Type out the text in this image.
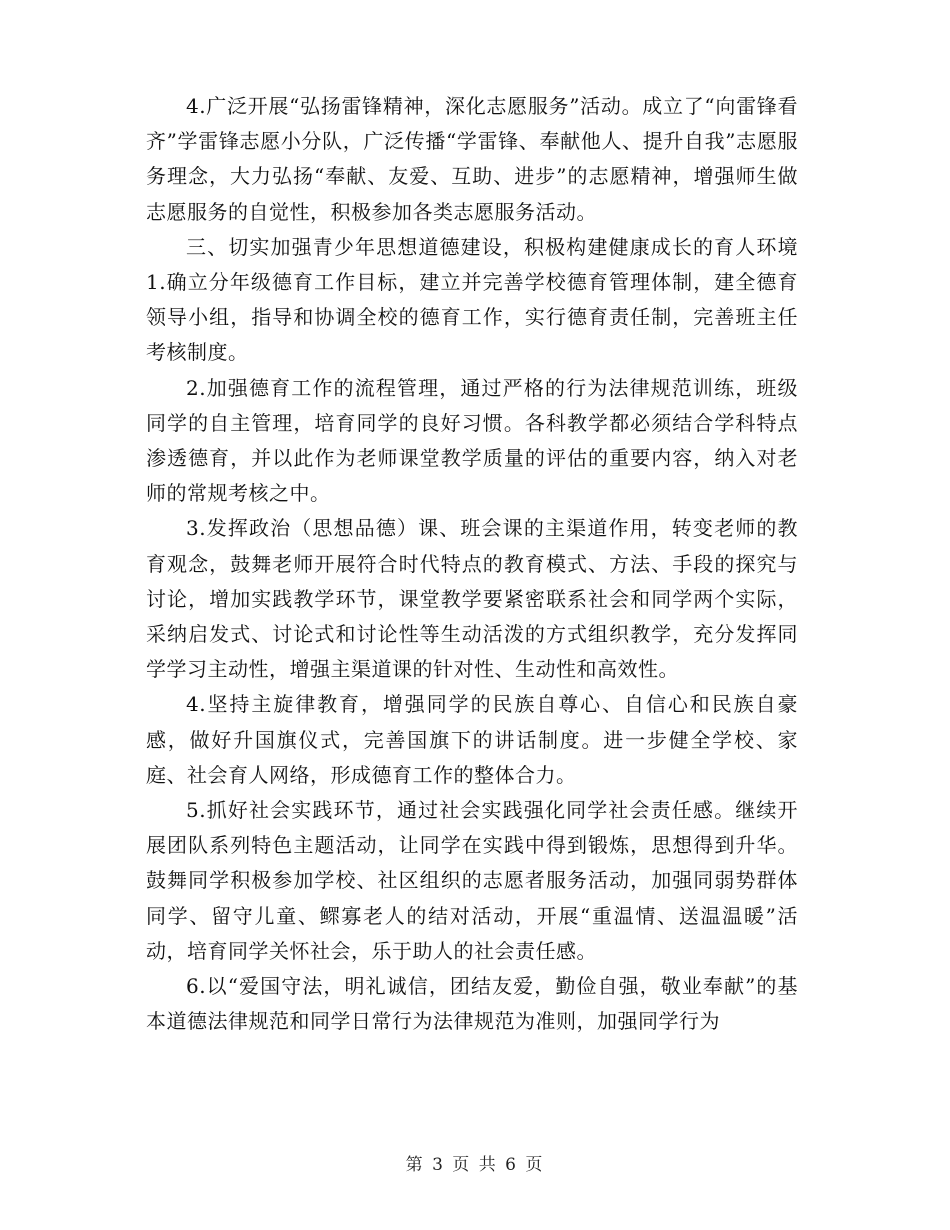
4.广泛开展“弘扬雷锋精神，深化志愿服务”活动。成立了“向雷锋看齐”学雷锋志愿小分队，广泛传播“学雷锋、奉献他人、提升自我”志愿服务理念，大力弘扬“奉献、友爱、互助、进步”的志愿精神，增强师生做志愿服务的自觉性，积极参加各类志愿服务活动。

三、切实加强青少年思想道德建设，积极构建健康成长的育人环境1.确立分年级德育工作目标，建立并完善学校德育管理体制，建全德育领导小组，指导和协调全校的德育工作，实行德育责任制，完善班主任考核制度。

2.加强德育工作的流程管理，通过严格的行为法律规范训练，班级同学的自主管理，培育同学的良好习惯。各科教学都必须结合学科特点渗透德育，并以此作为老师课堂教学质量的评估的重要内容，纳入对老师的常规考核之中。

3.发挥政治（思想品德）课、班会课的主渠道作用，转变老师的教育观念，鼓舞老师开展符合时代特点的教育模式、方法、手段的探究与讨论，增加实践教学环节，课堂教学要紧密联系社会和同学两个实际，采纳启发式、讨论式和讨论性等生动活泼的方式组织教学，充分发挥同学学习主动性，增强主渠道课的针对性、生动性和高效性。

4.坚持主旋律教育，增强同学的民族自尊心、自信心和民族自豪感，做好升国旗仪式，完善国旗下的讲话制度。进一步健全学校、家庭、社会育人网络，形成德育工作的整体合力。

5.抓好社会实践环节，通过社会实践强化同学社会责任感。继续开展团队系列特色主题活动，让同学在实践中得到锻炼，思想得到升华。鼓舞同学积极参加学校、社区组织的志愿者服务活动，加强同弱势群体同学、留守儿童、鳏寡老人的结对活动，开展“重温情、送温温暖”活动，培育同学关怀社会，乐于助人的社会责任感。

6.以“爱国守法，明礼诚信，团结友爱，勤俭自强，敬业奉献”的基本道德法律规范和同学日常行为法律规范为准则，加强同学行为

第 3 页 共 6 页
